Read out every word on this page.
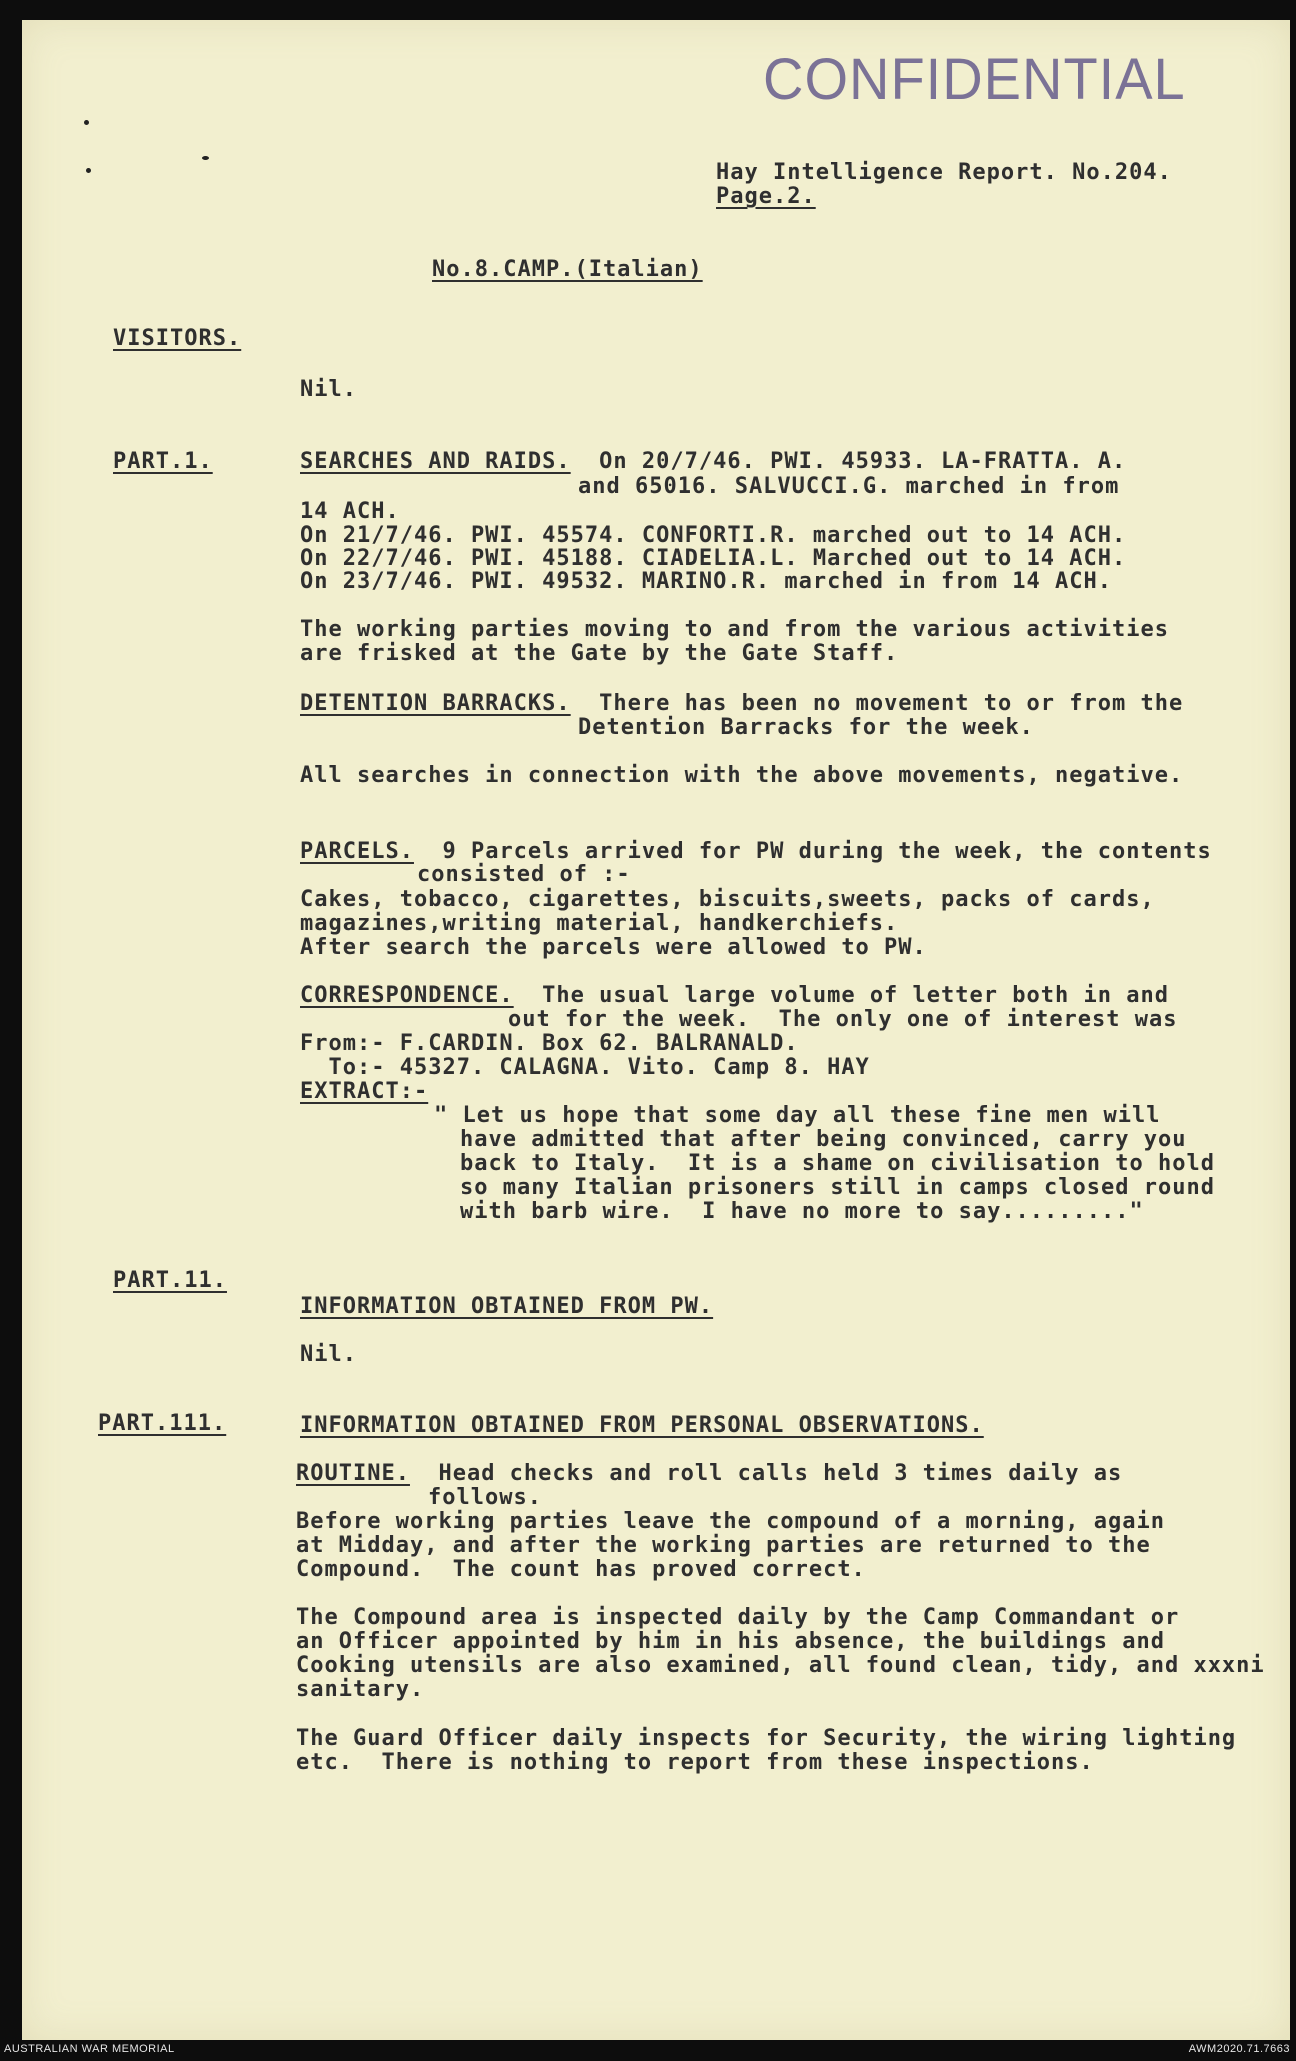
CONFIDENTIAL
Hay Intelligence Report. No.204.
Page.2.
No.8.CAMP.(Italian)
VISITORS.
Nil.
PART.1.	SEARCHES AND RAIDS.  On 20/7/46. PWI. 45933. LA-FRATTA. A.
and 65016. SALVUCCI.G. marched in from
14 ACH.
On 21/7/46. PWI. 45574. CONFORTI.R. marched out to 14 ACH.
On 22/7/46. PWI. 45188. CIADELIA.L. Marched out to 14 ACH.
On 23/7/46. PWI. 49532. MARINO.R. marched in from 14 ACH.
The working parties moving to and from the various activities
are frisked at the Gate by the Gate Staff.
DETENTION BARRACKS.  There has been no movement to or from the
Detention Barracks for the week.
All searches in connection with the above movements, negative.
PARCELS.  9 Parcels arrived for PW during the week, the contents
consisted of :-
Cakes, tobacco, cigarettes, biscuits,sweets, packs of cards,
magazines,writing material, handkerchiefs.
After search the parcels were allowed to PW.
CORRESPONDENCE.  The usual large volume of letter both in and
out for the week.  The only one of interest was
From:- F.CARDIN. Box 62. BALRANALD.
To:- 45327. CALAGNA. Vito. Camp 8. HAY
EXTRACT:-
" Let us hope that some day all these fine men will
have admitted that after being convinced, carry you
back to Italy.  It is a shame on civilisation to hold
so many Italian prisoners still in camps closed round
with barb wire.  I have no more to say........."
PART.11.
INFORMATION OBTAINED FROM PW.
Nil.
PART.111.	INFORMATION OBTAINED FROM PERSONAL OBSERVATIONS.
ROUTINE.  Head checks and roll calls held 3 times daily as
follows.
Before working parties leave the compound of a morning, again
at Midday, and after the working parties are returned to the
Compound.  The count has proved correct.
The Compound area is inspected daily by the Camp Commandant or
an Officer appointed by him in his absence, the buildings and
Cooking utensils are also examined, all found clean, tidy, and xxxni
sanitary.
The Guard Officer daily inspects for Security, the wiring lighting
etc.  There is nothing to report from these inspections.
AUSTRALIAN WAR MEMORIAL	AWM2020.71.7663
